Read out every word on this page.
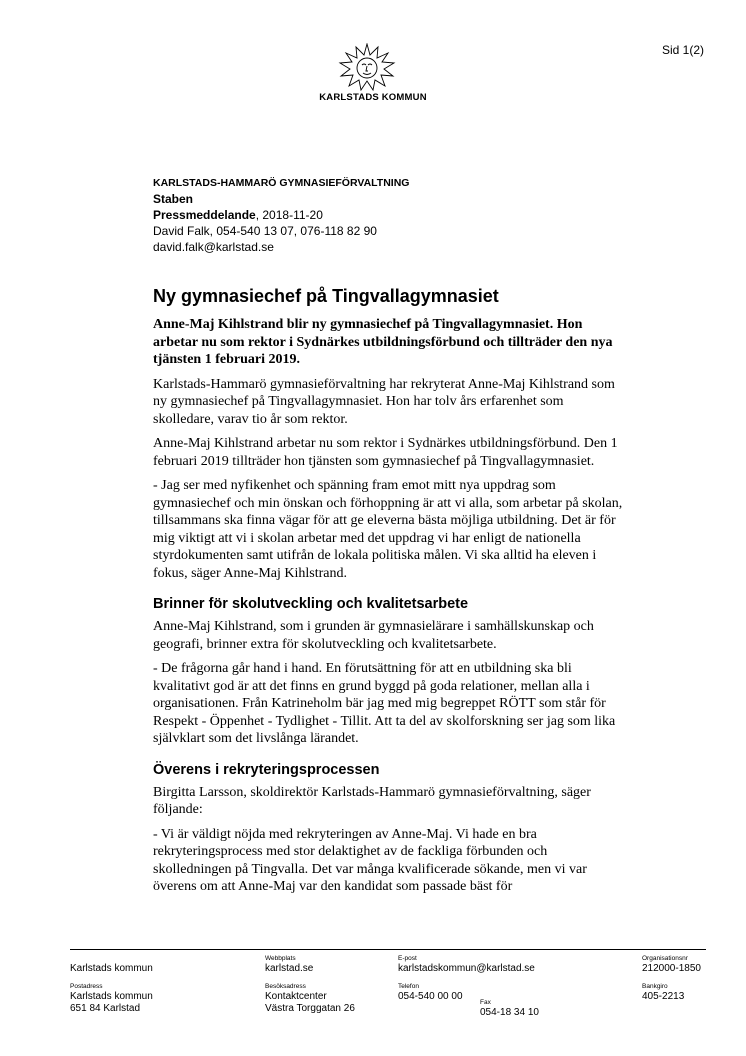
Sid 1(2)
KARLSTADS KOMMUN
KARLSTADS-HAMMARÖ GYMNASIEFÖRVALTNING
Staben
Pressmeddelande, 2018-11-20
David Falk, 054-540 13 07, 076-118 82 90
david.falk@karlstad.se
Ny gymnasiechef på Tingvallagymnasiet

Anne-Maj Kihlstrand blir ny gymnasiechef på Tingvallagymnasiet. Hon arbetar nu som rektor i Sydnärkes utbildningsförbund och tillträder den nya tjänsten 1 februari 2019.

Karlstads-Hammarö gymnasieförvaltning har rekryterat Anne-Maj Kihlstrand som ny gymnasiechef på Tingvallagymnasiet. Hon har tolv års erfarenhet som skolledare, varav tio år som rektor.

Anne-Maj Kihlstrand arbetar nu som rektor i Sydnärkes utbildningsförbund. Den 1 februari 2019 tillträder hon tjänsten som gymnasiechef på Tingvallagymnasiet.

- Jag ser med nyfikenhet och spänning fram emot mitt nya uppdrag som gymnasiechef och min önskan och förhoppning är att vi alla, som arbetar på skolan, tillsammans ska finna vägar för att ge eleverna bästa möjliga utbildning. Det är för mig viktigt att vi i skolan arbetar med det uppdrag vi har enligt de nationella styrdokumenten samt utifrån de lokala politiska målen. Vi ska alltid ha eleven i fokus, säger Anne-Maj Kihlstrand.

Brinner för skolutveckling och kvalitetsarbete

Anne-Maj Kihlstrand, som i grunden är gymnasielärare i samhällskunskap och geografi, brinner extra för skolutveckling och kvalitetsarbete.

- De frågorna går hand i hand. En förutsättning för att en utbildning ska bli kvalitativt god är att det finns en grund byggd på goda relationer, mellan alla i organisationen. Från Katrineholm bär jag med mig begreppet RÖTT som står för Respekt - Öppenhet - Tydlighet - Tillit. Att ta del av skolforskning ser jag som lika självklart som det livslånga lärandet.

Överens i rekryteringsprocessen

Birgitta Larsson, skoldirektör Karlstads-Hammarö gymnasieförvaltning, säger följande:

- Vi är väldigt nöjda med rekryteringen av Anne-Maj. Vi hade en bra rekryteringsprocess med stor delaktighet av de fackliga förbunden och skolledningen på Tingvalla. Det var många kvalificerade sökande, men vi var överens om att Anne-Maj var den kandidat som passade bäst för

Karlstads kommun
Postadress
Karlstads kommun
651 84 Karlstad
Webbplats
karlstad.se
Besöksadress
Kontaktcenter
Västra Torggatan 26
E-post
karlstadskommun@karlstad.se
Telefon
054-540 00 00
Fax
054-18 34 10
Organisationsnr
212000-1850
Bankgiro
405-2213
